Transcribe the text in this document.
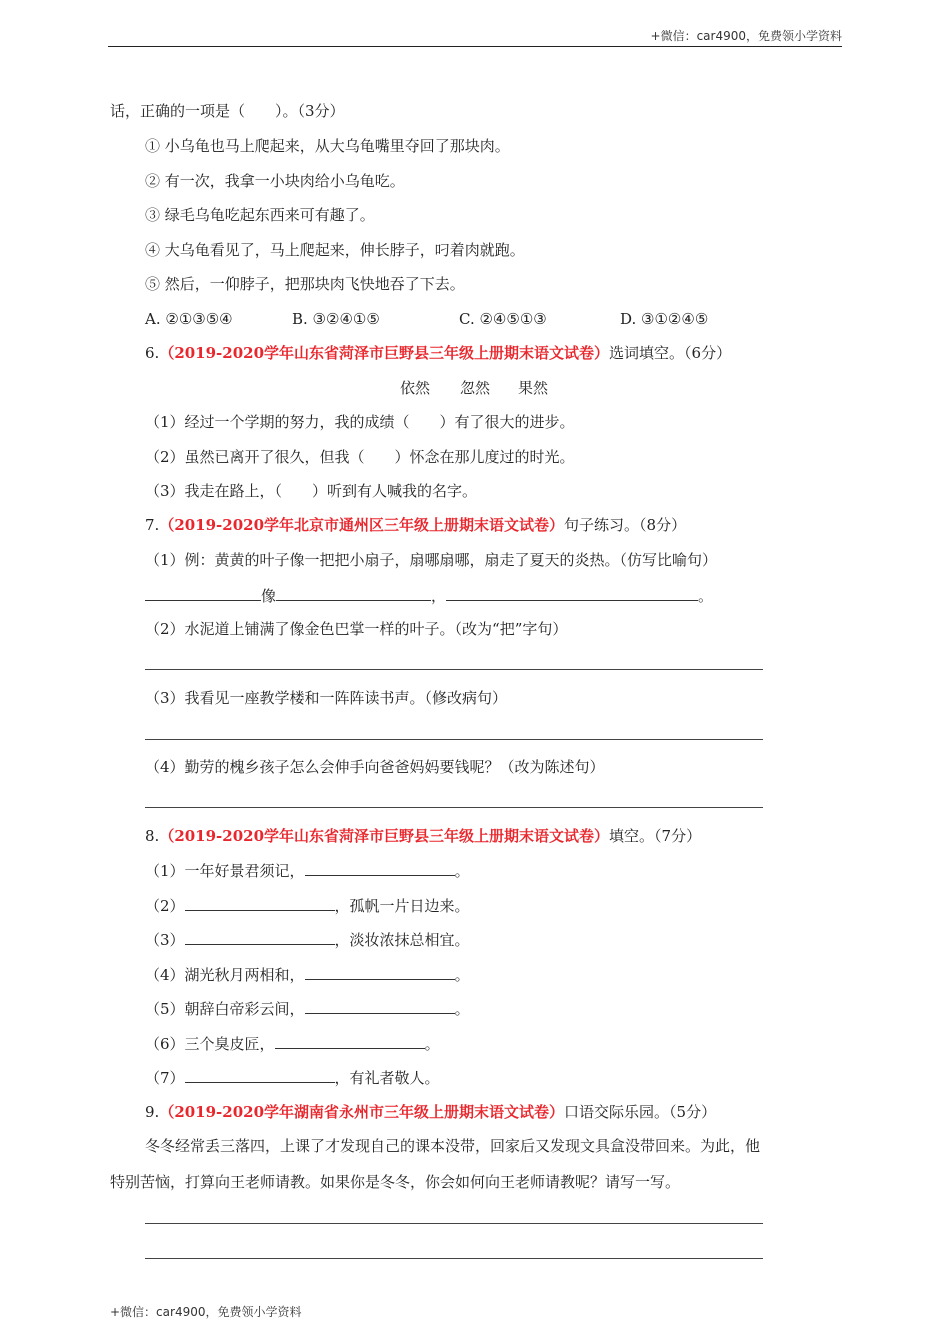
+微信：car4900，免费领小学资料
话，正确的一项是（　　）。（3分）
① 小乌龟也马上爬起来，从大乌龟嘴里夺回了那块肉。
② 有一次，我拿一小块肉给小乌龟吃。
③ 绿毛乌龟吃起东西来可有趣了。
④ 大乌龟看见了，马上爬起来，伸长脖子，叼着肉就跑。
⑤ 然后，一仰脖子，把那块肉飞快地吞了下去。
A. ②①③⑤④	B. ③②④①⑤	C. ②④⑤①③	D. ③①②④⑤
6.（2019-2020学年山东省菏泽市巨野县三年级上册期末语文试卷）选词填空。（6分）
依然 忽然 果然
（1）经过一个学期的努力，我的成绩（　　）有了很大的进步。
（2）虽然已离开了很久，但我（　　）怀念在那儿度过的时光。
（3）我走在路上，（　　）听到有人喊我的名字。
7.（2019-2020学年北京市通州区三年级上册期末语文试卷）句子练习。（8分）
（1）例：黄黄的叶子像一把把小扇子，扇哪扇哪，扇走了夏天的炎热。（仿写比喻句）
像	，	。
（2）水泥道上铺满了像金色巴掌一样的叶子。（改为“把”字句）
（3）我看见一座教学楼和一阵阵读书声。（修改病句）
（4）勤劳的槐乡孩子怎么会伸手向爸爸妈妈要钱呢？（改为陈述句）
8.（2019-2020学年山东省菏泽市巨野县三年级上册期末语文试卷）填空。（7分）
（1）一年好景君须记，	。
（2）	，孤帆一片日边来。
（3）	，淡妆浓抹总相宜。
（4）湖光秋月两相和，	。
（5）朝辞白帝彩云间，	。
（6）三个臭皮匠，	。
（7）	，有礼者敬人。
9.（2019-2020学年湖南省永州市三年级上册期末语文试卷）口语交际乐园。（5分）
冬冬经常丢三落四，上课了才发现自己的课本没带，回家后又发现文具盒没带回来。为此，他
特别苦恼，打算向王老师请教。如果你是冬冬，你会如何向王老师请教呢？请写一写。
+微信：car4900，免费领小学资料
